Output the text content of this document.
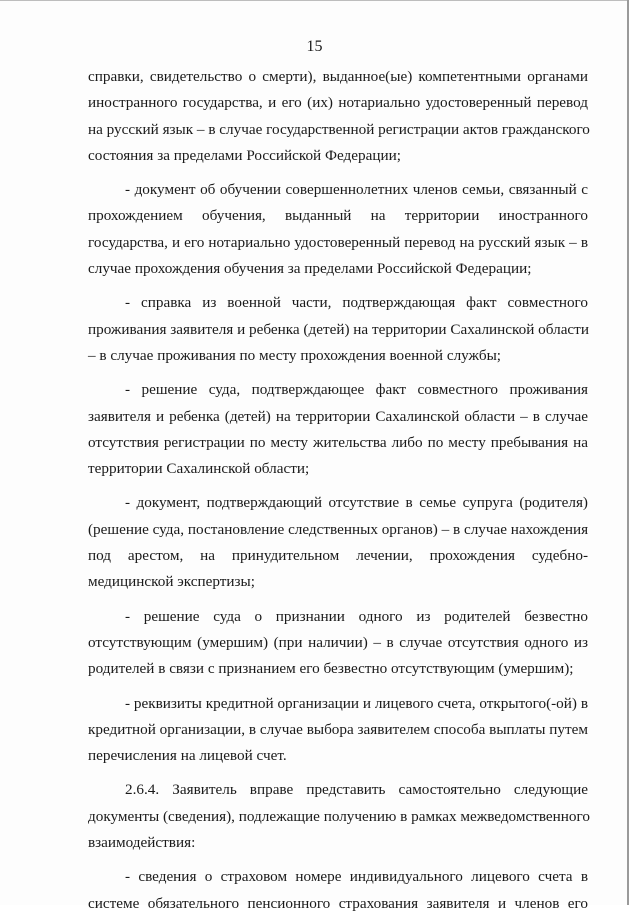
15
справки, свидетельство о смерти), выданное(ые) компетентными органами
иностранного государства, и его (их) нотариально удостоверенный перевод
на русский язык – в случае государственной регистрации актов гражданского
состояния за пределами Российской Федерации;
- документ об обучении совершеннолетних членов семьи, связанный с
прохождением обучения, выданный на территории иностранного
государства, и его нотариально удостоверенный перевод на русский язык – в
случае прохождения обучения за пределами Российской Федерации;
- справка из военной части, подтверждающая факт совместного
проживания заявителя и ребенка (детей) на территории Сахалинской области
– в случае проживания по месту прохождения военной службы;
- решение суда, подтверждающее факт совместного проживания
заявителя и ребенка (детей) на территории Сахалинской области – в случае
отсутствия регистрации по месту жительства либо по месту пребывания на
территории Сахалинской области;
- документ, подтверждающий отсутствие в семье супруга (родителя)
(решение суда, постановление следственных органов) – в случае нахождения
под арестом, на принудительном лечении, прохождения судебно-
медицинской экспертизы;
- решение суда о признании одного из родителей безвестно
отсутствующим (умершим) (при наличии) – в случае отсутствия одного из
родителей в связи с признанием его безвестно отсутствующим (умершим);
- реквизиты кредитной организации и лицевого счета, открытого(-ой) в
кредитной организации, в случае выбора заявителем способа выплаты путем
перечисления на лицевой счет.
2.6.4. Заявитель вправе представить самостоятельно следующие
документы (сведения), подлежащие получению в рамках межведомственного
взаимодействия:
- сведения о страховом номере индивидуального лицевого счета в
системе обязательного пенсионного страхования заявителя и членов его
